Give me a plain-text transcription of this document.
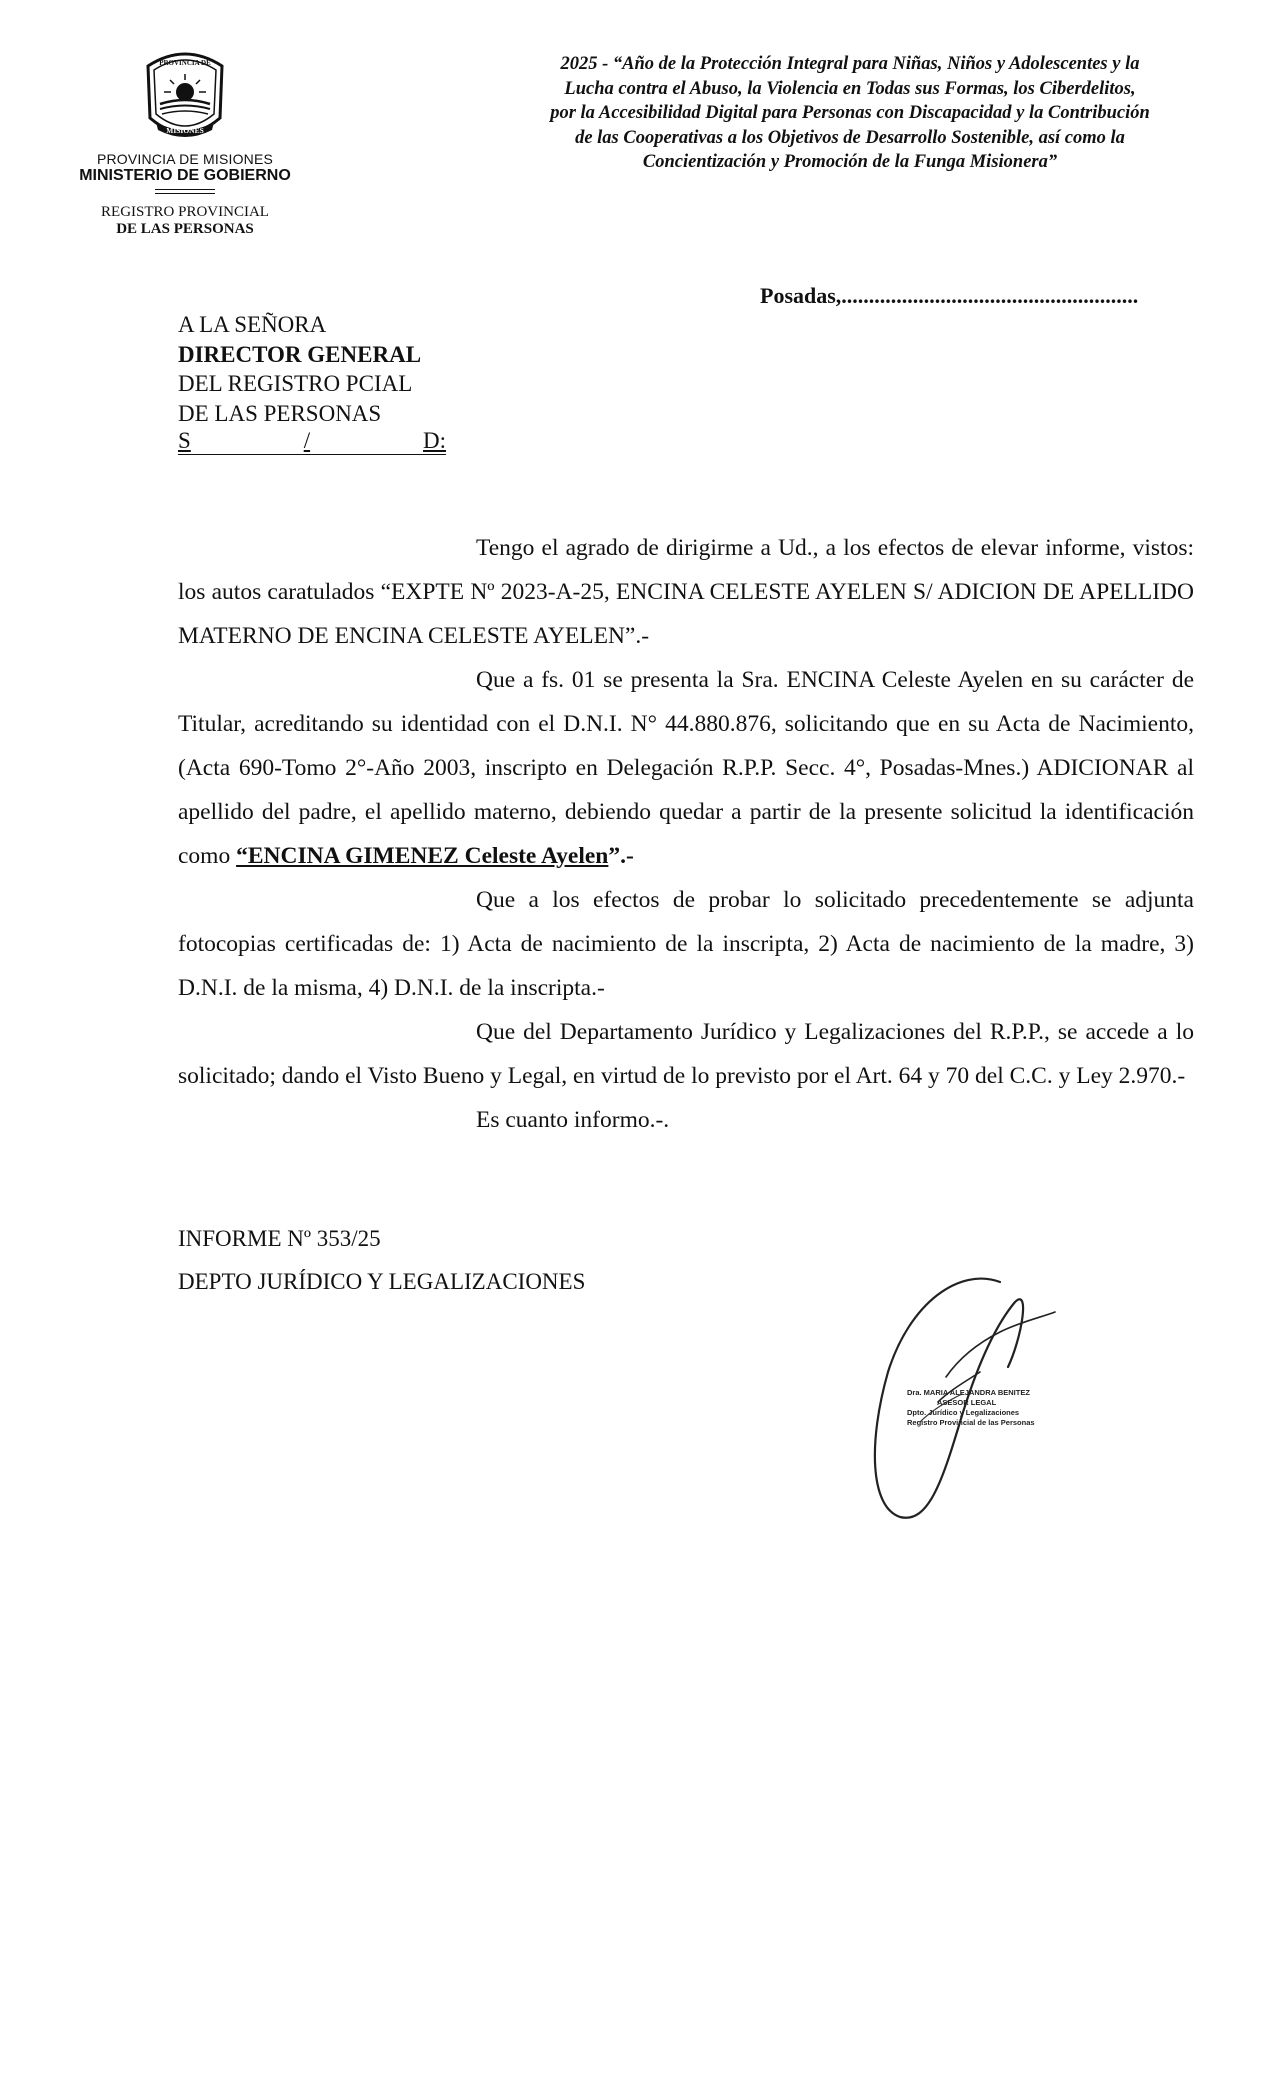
PROVINCIA DE
MISIONES
PROVINCIA DE MISIONES
MINISTERIO DE GOBIERNO
REGISTRO PROVINCIAL
DE LAS PERSONAS
2025 - “Año de la Protección Integral para Niñas, Niños y Adolescentes y la
Lucha contra el Abuso, la Violencia en Todas sus Formas, los Ciberdelitos,
por la Accesibilidad Digital para Personas con Discapacidad y la Contribución
de las Cooperativas a los Objetivos de Desarrollo Sostenible, así como la
Concientización y Promoción de la Funga Misionera”
Posadas,......................................................
A LA SEÑORA
DIRECTOR GENERAL
DEL REGISTRO PCIAL
DE LAS PERSONAS
S	/	D:

Tengo el agrado de dirigirme a Ud., a los efectos de elevar informe, vistos: los autos caratulados “EXPTE Nº 2023-A-25, ENCINA CELESTE AYELEN S/ ADICION DE APELLIDO MATERNO DE ENCINA CELESTE AYELEN”.-

Que a fs. 01 se presenta la Sra. ENCINA Celeste Ayelen en su carácter de Titular, acreditando su identidad con el D.N.I. N° 44.880.876, solicitando que en su Acta de Nacimiento, (Acta 690-Tomo 2°-Año 2003, inscripto en Delegación R.P.P. Secc. 4°, Posadas-Mnes.) ADICIONAR al apellido del padre, el apellido materno, debiendo quedar a partir de la presente solicitud la identificación como “ENCINA GIMENEZ Celeste Ayelen”.-

Que a los efectos de probar lo solicitado precedentemente se adjunta fotocopias certificadas de: 1) Acta de nacimiento de la inscripta, 2) Acta de nacimiento de la madre, 3) D.N.I. de la misma, 4) D.N.I. de la inscripta.-

Que del Departamento Jurídico y Legalizaciones del R.P.P., se accede a lo solicitado; dando el Visto Bueno y Legal, en virtud de lo previsto por el Art. 64 y 70 del C.C. y Ley 2.970.-

Es cuanto informo.-.

INFORME Nº 353/25
DEPTO JURÍDICO Y LEGALIZACIONES
Dra. MARIA ALEJANDRA BENITEZ
ASESOR LEGAL
Dpto. Jurídico y Legalizaciones
Registro Provincial de las Personas
